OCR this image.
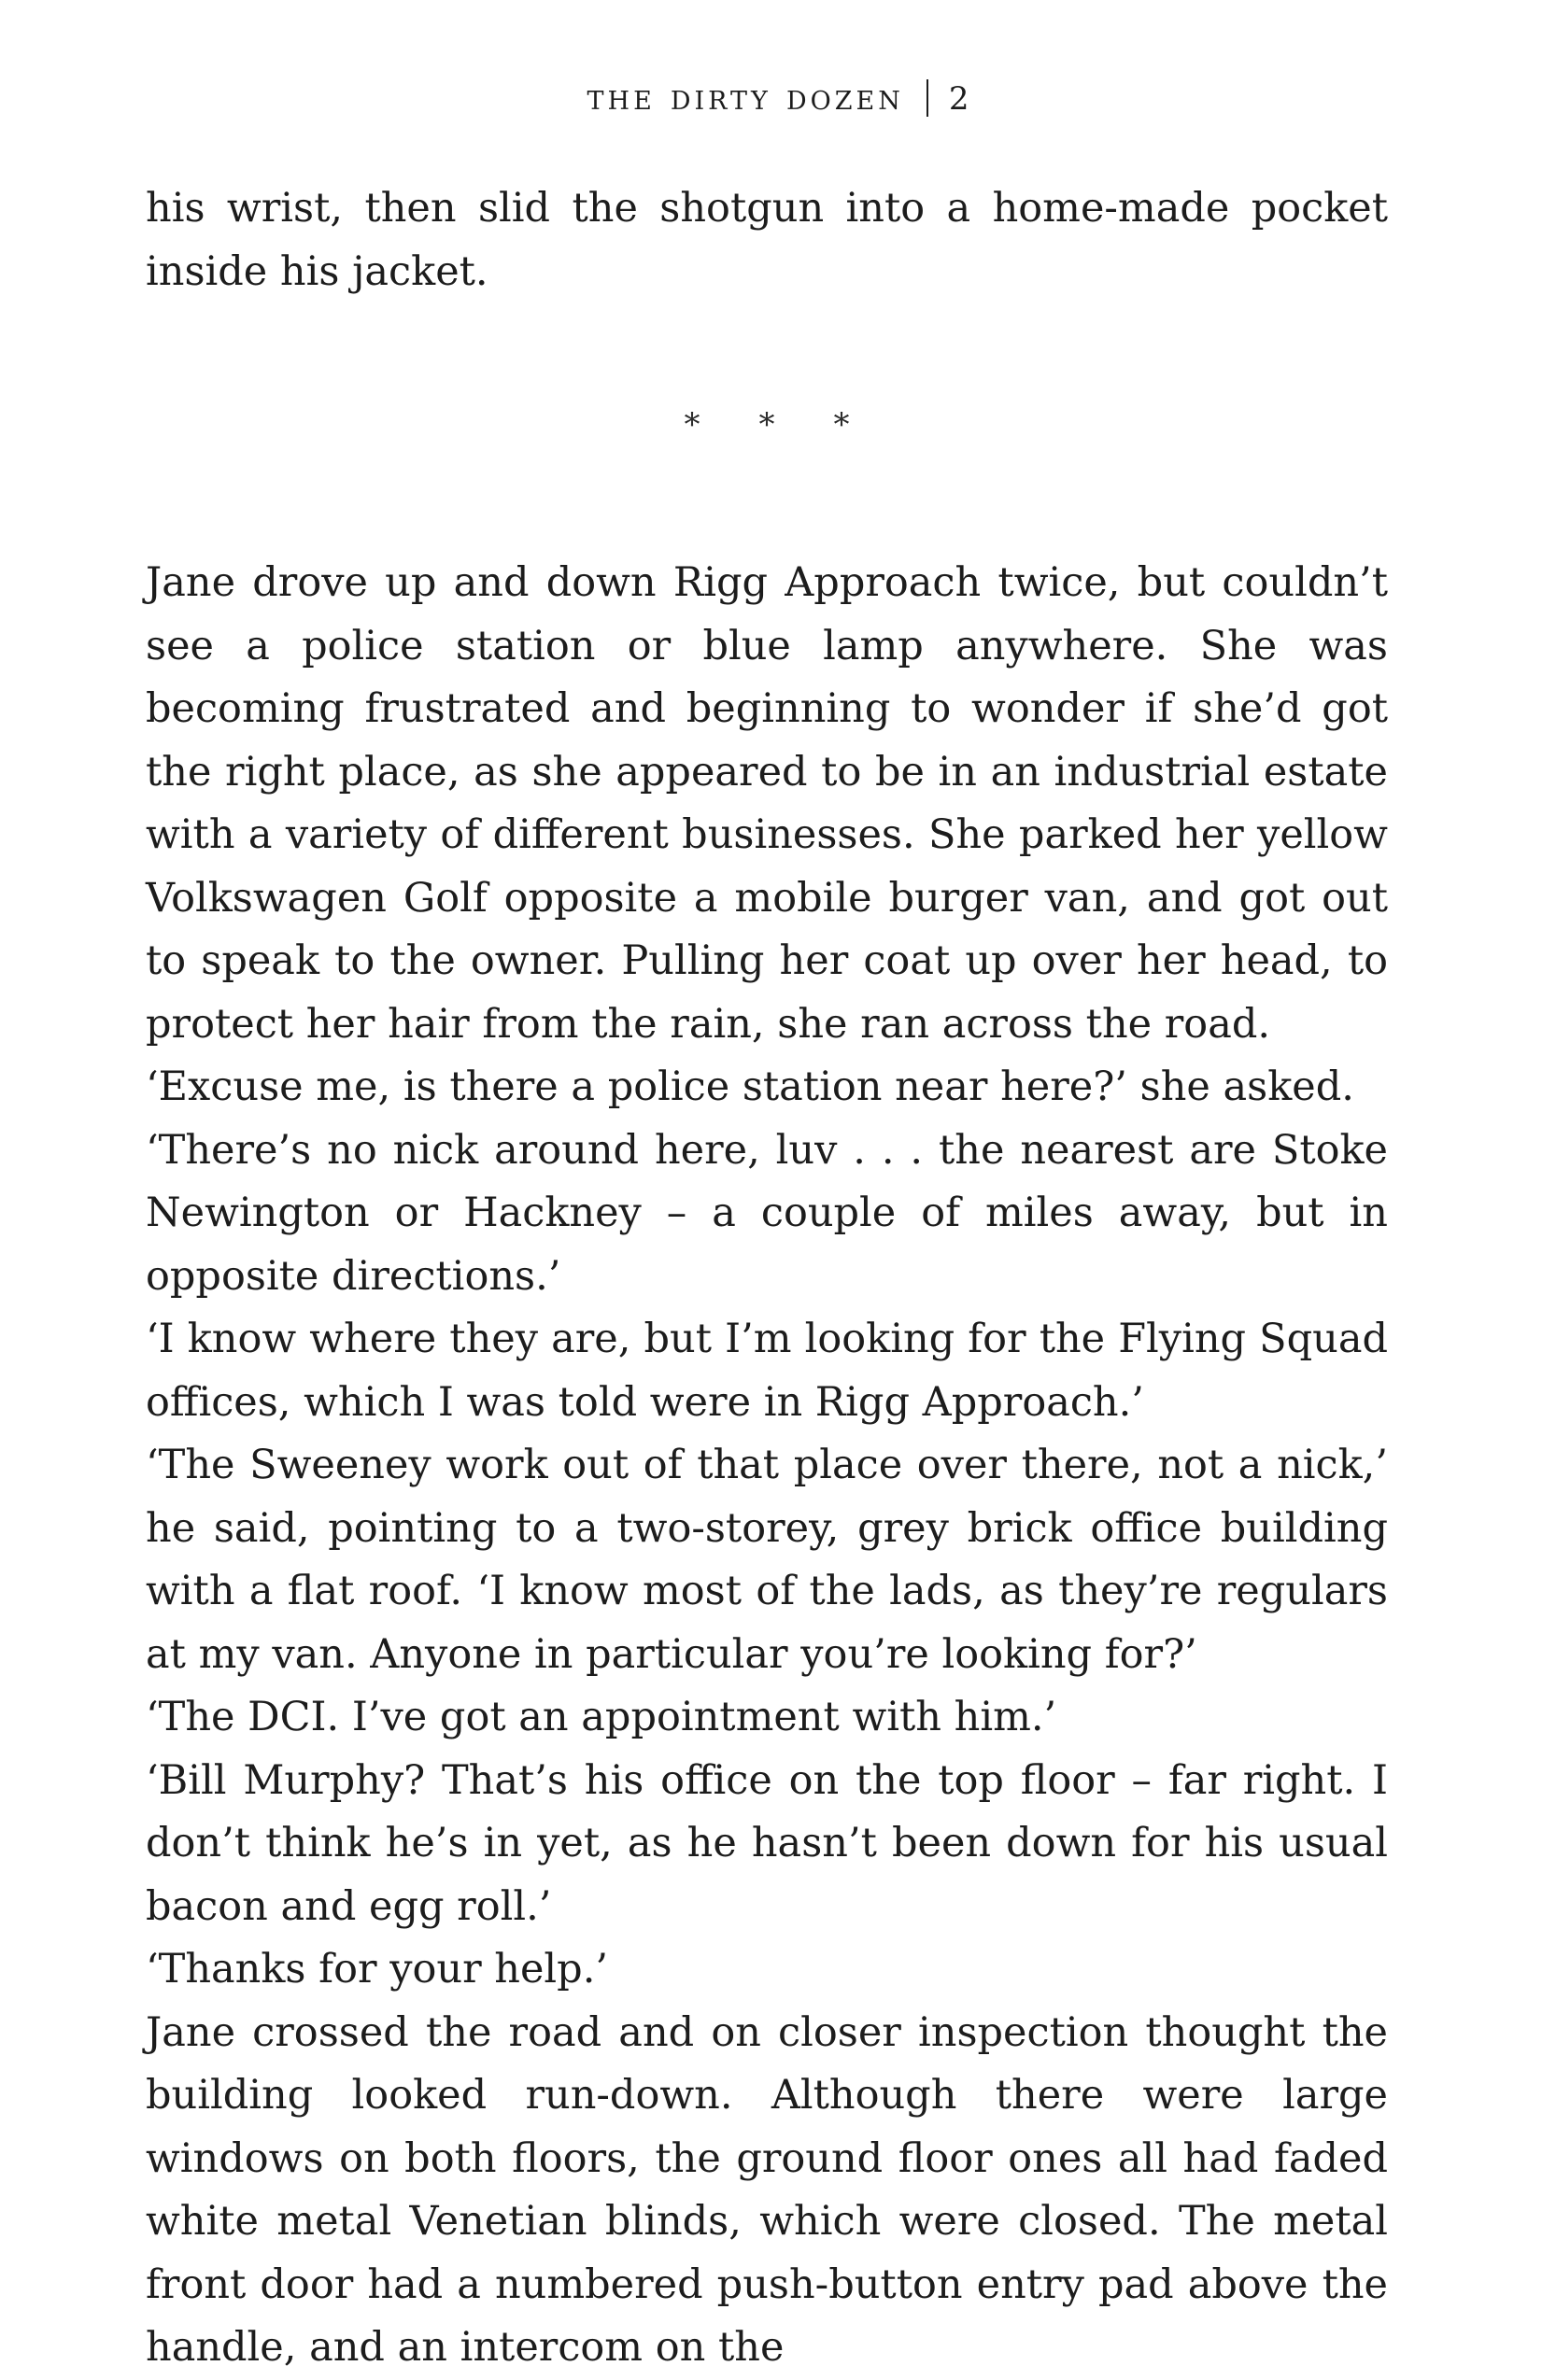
the dirty dozen 2

his wrist, then slid the shotgun into a home-made pocket inside his jacket.

*	*	*

Jane drove up and down Rigg Approach twice, but couldn’t see a police station or blue lamp anywhere. She was becoming frustrated and beginning to wonder if she’d got the right place, as she appeared to be in an industrial estate with a variety of different businesses. She parked her yellow Volkswagen Golf opposite a mobile burger van, and got out to speak to the owner. Pulling her coat up over her head, to protect her hair from the rain, she ran across the road.

‘Excuse me, is there a police station near here?’ she asked.

‘There’s no nick around here, luv . . . the nearest are Stoke Newington or Hackney – a couple of miles away, but in opposite directions.’

‘I know where they are, but I’m looking for the Flying Squad offices, which I was told were in Rigg Approach.’

‘The Sweeney work out of that place over there, not a nick,’ he said, pointing to a two-storey, grey brick office building with a flat roof. ‘I know most of the lads, as they’re regulars at my van. Anyone in particular you’re looking for?’

‘The DCI. I’ve got an appointment with him.’

‘Bill Murphy? That’s his office on the top floor – far right. I don’t think he’s in yet, as he hasn’t been down for his usual bacon and egg roll.’

‘Thanks for your help.’

Jane crossed the road and on closer inspection thought the building looked run-down. Although there were large windows on both floors, the ground floor ones all had faded white metal Venetian blinds, which were closed. The metal front door had a numbered push-button entry pad above the handle, and an intercom on the
